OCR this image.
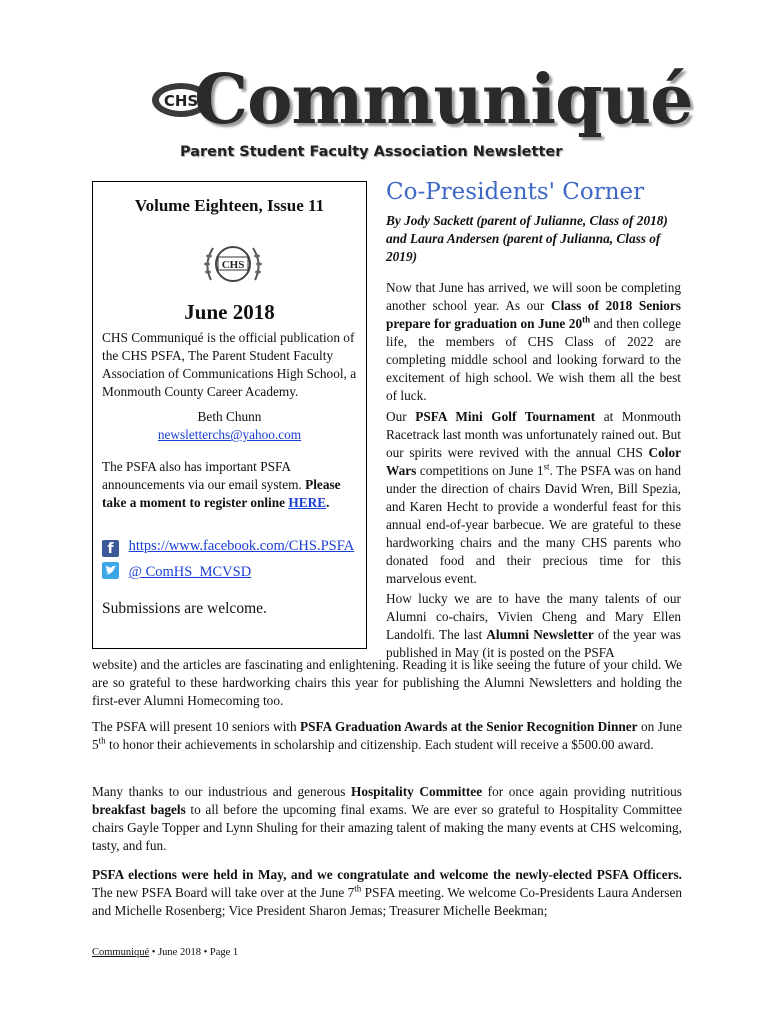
CHS
Communiqué
Parent Student Faculty Association Newsletter
Volume Eighteen, Issue 11
CHS
June 2018
CHS Communiqué is the official publication of the CHS PSFA, The Parent Student Faculty Association of Communications High School, a Monmouth County Career Academy.
Beth Chunn
newsletterchs@yahoo.com
The PSFA also has important PSFA announcements via our email system. Please take a moment to register online HERE.
f https://www.facebook.com/CHS.PSFA
@ ComHS_MCVSD
Submissions are welcome.
Co-Presidents' Corner
By Jody Sackett (parent of Julianne, Class of 2018) and Laura Andersen (parent of Julianna, Class of 2019)
Now that June has arrived, we will soon be completing another school year. As our Class of 2018 Seniors prepare for graduation on June 20th and then college life, the members of CHS Class of 2022 are completing middle school and looking forward to the excitement of high school. We wish them all the best of luck.
Our PSFA Mini Golf Tournament at Monmouth Racetrack last month was unfortunately rained out. But our spirits were revived with the annual CHS Color Wars competitions on June 1st. The PSFA was on hand under the direction of chairs David Wren, Bill Spezia, and Karen Hecht to provide a wonderful feast for this annual end-of-year barbecue. We are grateful to these hardworking chairs and the many CHS parents who donated food and their precious time for this marvelous event.
How lucky we are to have the many talents of our Alumni co-chairs, Vivien Cheng and Mary Ellen Landolfi. The last Alumni Newsletter of the year was published in May (it is posted on the PSFA
website) and the articles are fascinating and enlightening. Reading it is like seeing the future of your child. We are so grateful to these hardworking chairs this year for publishing the Alumni Newsletters and holding the first-ever Alumni Homecoming too.
The PSFA will present 10 seniors with PSFA Graduation Awards at the Senior Recognition Dinner on June 5th to honor their achievements in scholarship and citizenship. Each student will receive a $500.00 award.
Many thanks to our industrious and generous Hospitality Committee for once again providing nutritious breakfast bagels to all before the upcoming final exams. We are ever so grateful to Hospitality Committee chairs Gayle Topper and Lynn Shuling for their amazing talent of making the many events at CHS welcoming, tasty, and fun.
PSFA elections were held in May, and we congratulate and welcome the newly-elected PSFA Officers. The new PSFA Board will take over at the June 7th PSFA meeting. We welcome Co-Presidents Laura Andersen and Michelle Rosenberg; Vice President Sharon Jemas; Treasurer Michelle Beekman;
Communiqué • June 2018 • Page 1
